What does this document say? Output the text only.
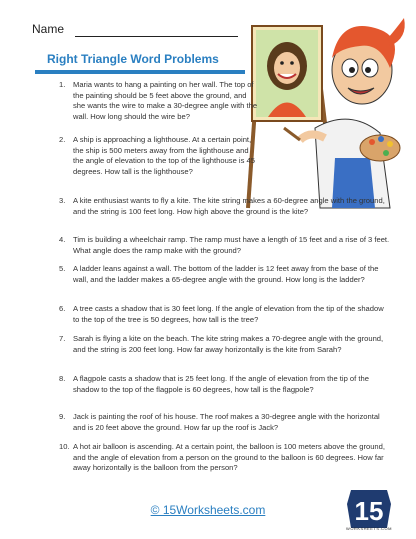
Name
Right Triangle Word Problems
1.	Maria wants to hang a painting on her wall. The top of the painting should be 5 feet above the ground, and she wants the wire to make a 30-degree angle with the wall. How long should the wire be?
2.	A ship is approaching a lighthouse. At a certain point, the ship is 500 meters away from the lighthouse and the angle of elevation to the top of the lighthouse is 45 degrees. How tall is the lighthouse?
3.	A kite enthusiast wants to fly a kite. The kite string makes a 60-degree angle with the ground, and the string is 100 feet long. How high above the ground is the kite?
4.	Tim is building a wheelchair ramp. The ramp must have a length of 15 feet and a rise of 3 feet. What angle does the ramp make with the ground?
5.	A ladder leans against a wall. The bottom of the ladder is 12 feet away from the base of the wall, and the ladder makes a 65-degree angle with the ground. How long is the ladder?
6.	A tree casts a shadow that is 30 feet long. If the angle of elevation from the tip of the shadow to the top of the tree is 50 degrees, how tall is the tree?
7.	Sarah is flying a kite on the beach. The kite string makes a 70-degree angle with the ground, and the string is 200 feet long. How far away horizontally is the kite from Sarah?
8.	A flagpole casts a shadow that is 25 feet long. If the angle of elevation from the tip of the shadow to the top of the flagpole is 60 degrees, how tall is the flagpole?
9.	Jack is painting the roof of his house. The roof makes a 30-degree angle with the horizontal and is 20 feet above the ground. How far up the roof is Jack?
10. A hot air balloon is ascending. At a certain point, the balloon is 100 meters above the ground, and the angle of elevation from a person on the ground to the balloon is 60 degrees. How far away horizontally is the balloon from the person?
© 15Worksheets.com	15
WORKSHEETS.COM
